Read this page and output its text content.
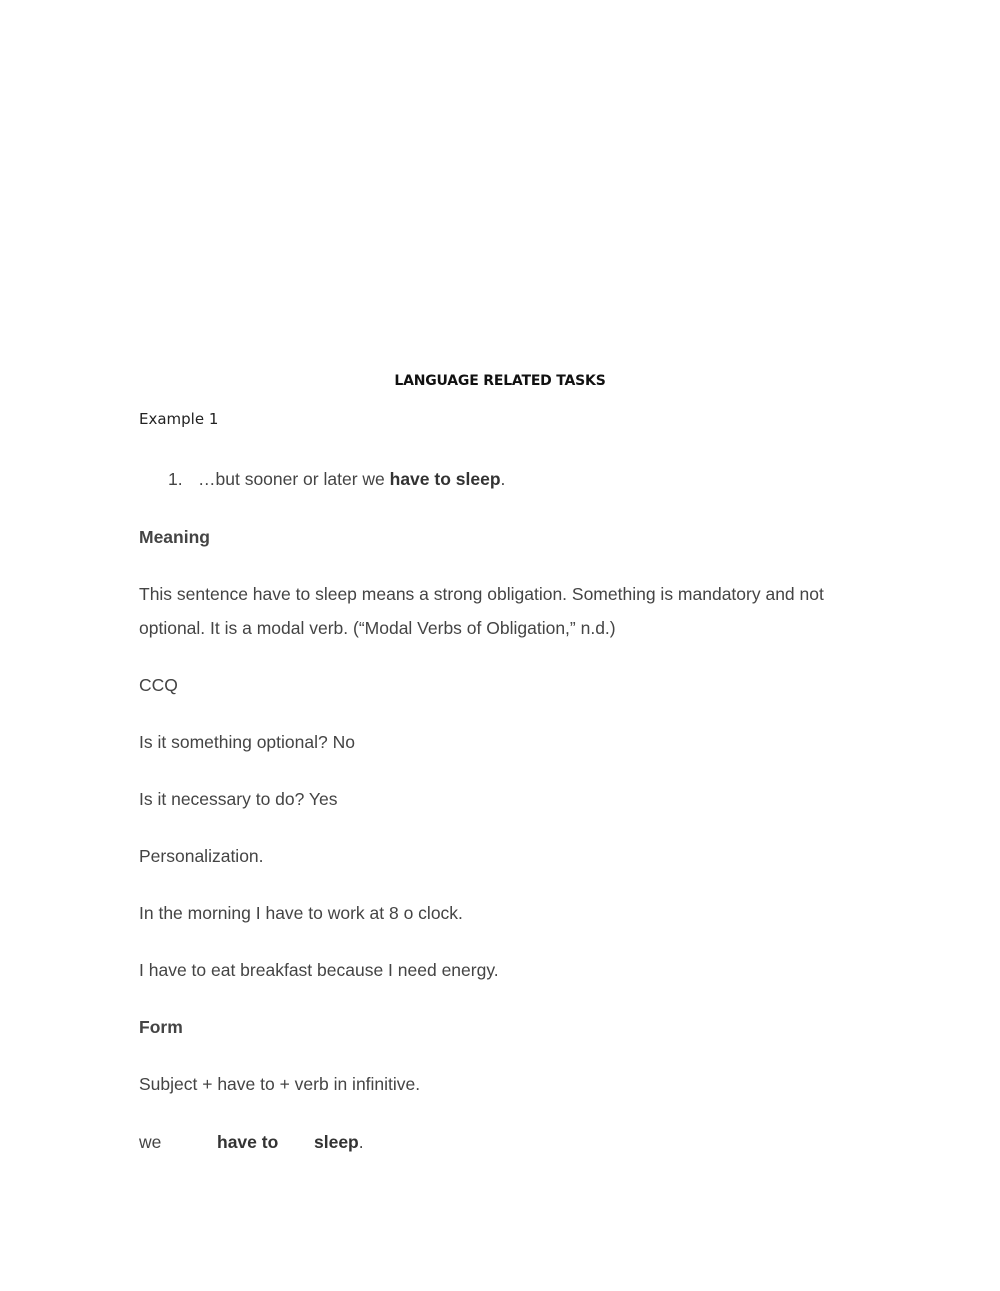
LANGUAGE RELATED TASKS
Example 1
1. …but sooner or later we have to sleep.
Meaning
This sentence have to sleep means a strong obligation. Something is mandatory and not
optional. It is a modal verb. (“Modal Verbs of Obligation,” n.d.)
CCQ
Is it something optional? No
Is it necessary to do? Yes
Personalization.
In the morning I have to work at 8 o clock.
I have to eat breakfast because I need energy.
Form
Subject + have to + verb in infinitive.
we	have to sleep.
